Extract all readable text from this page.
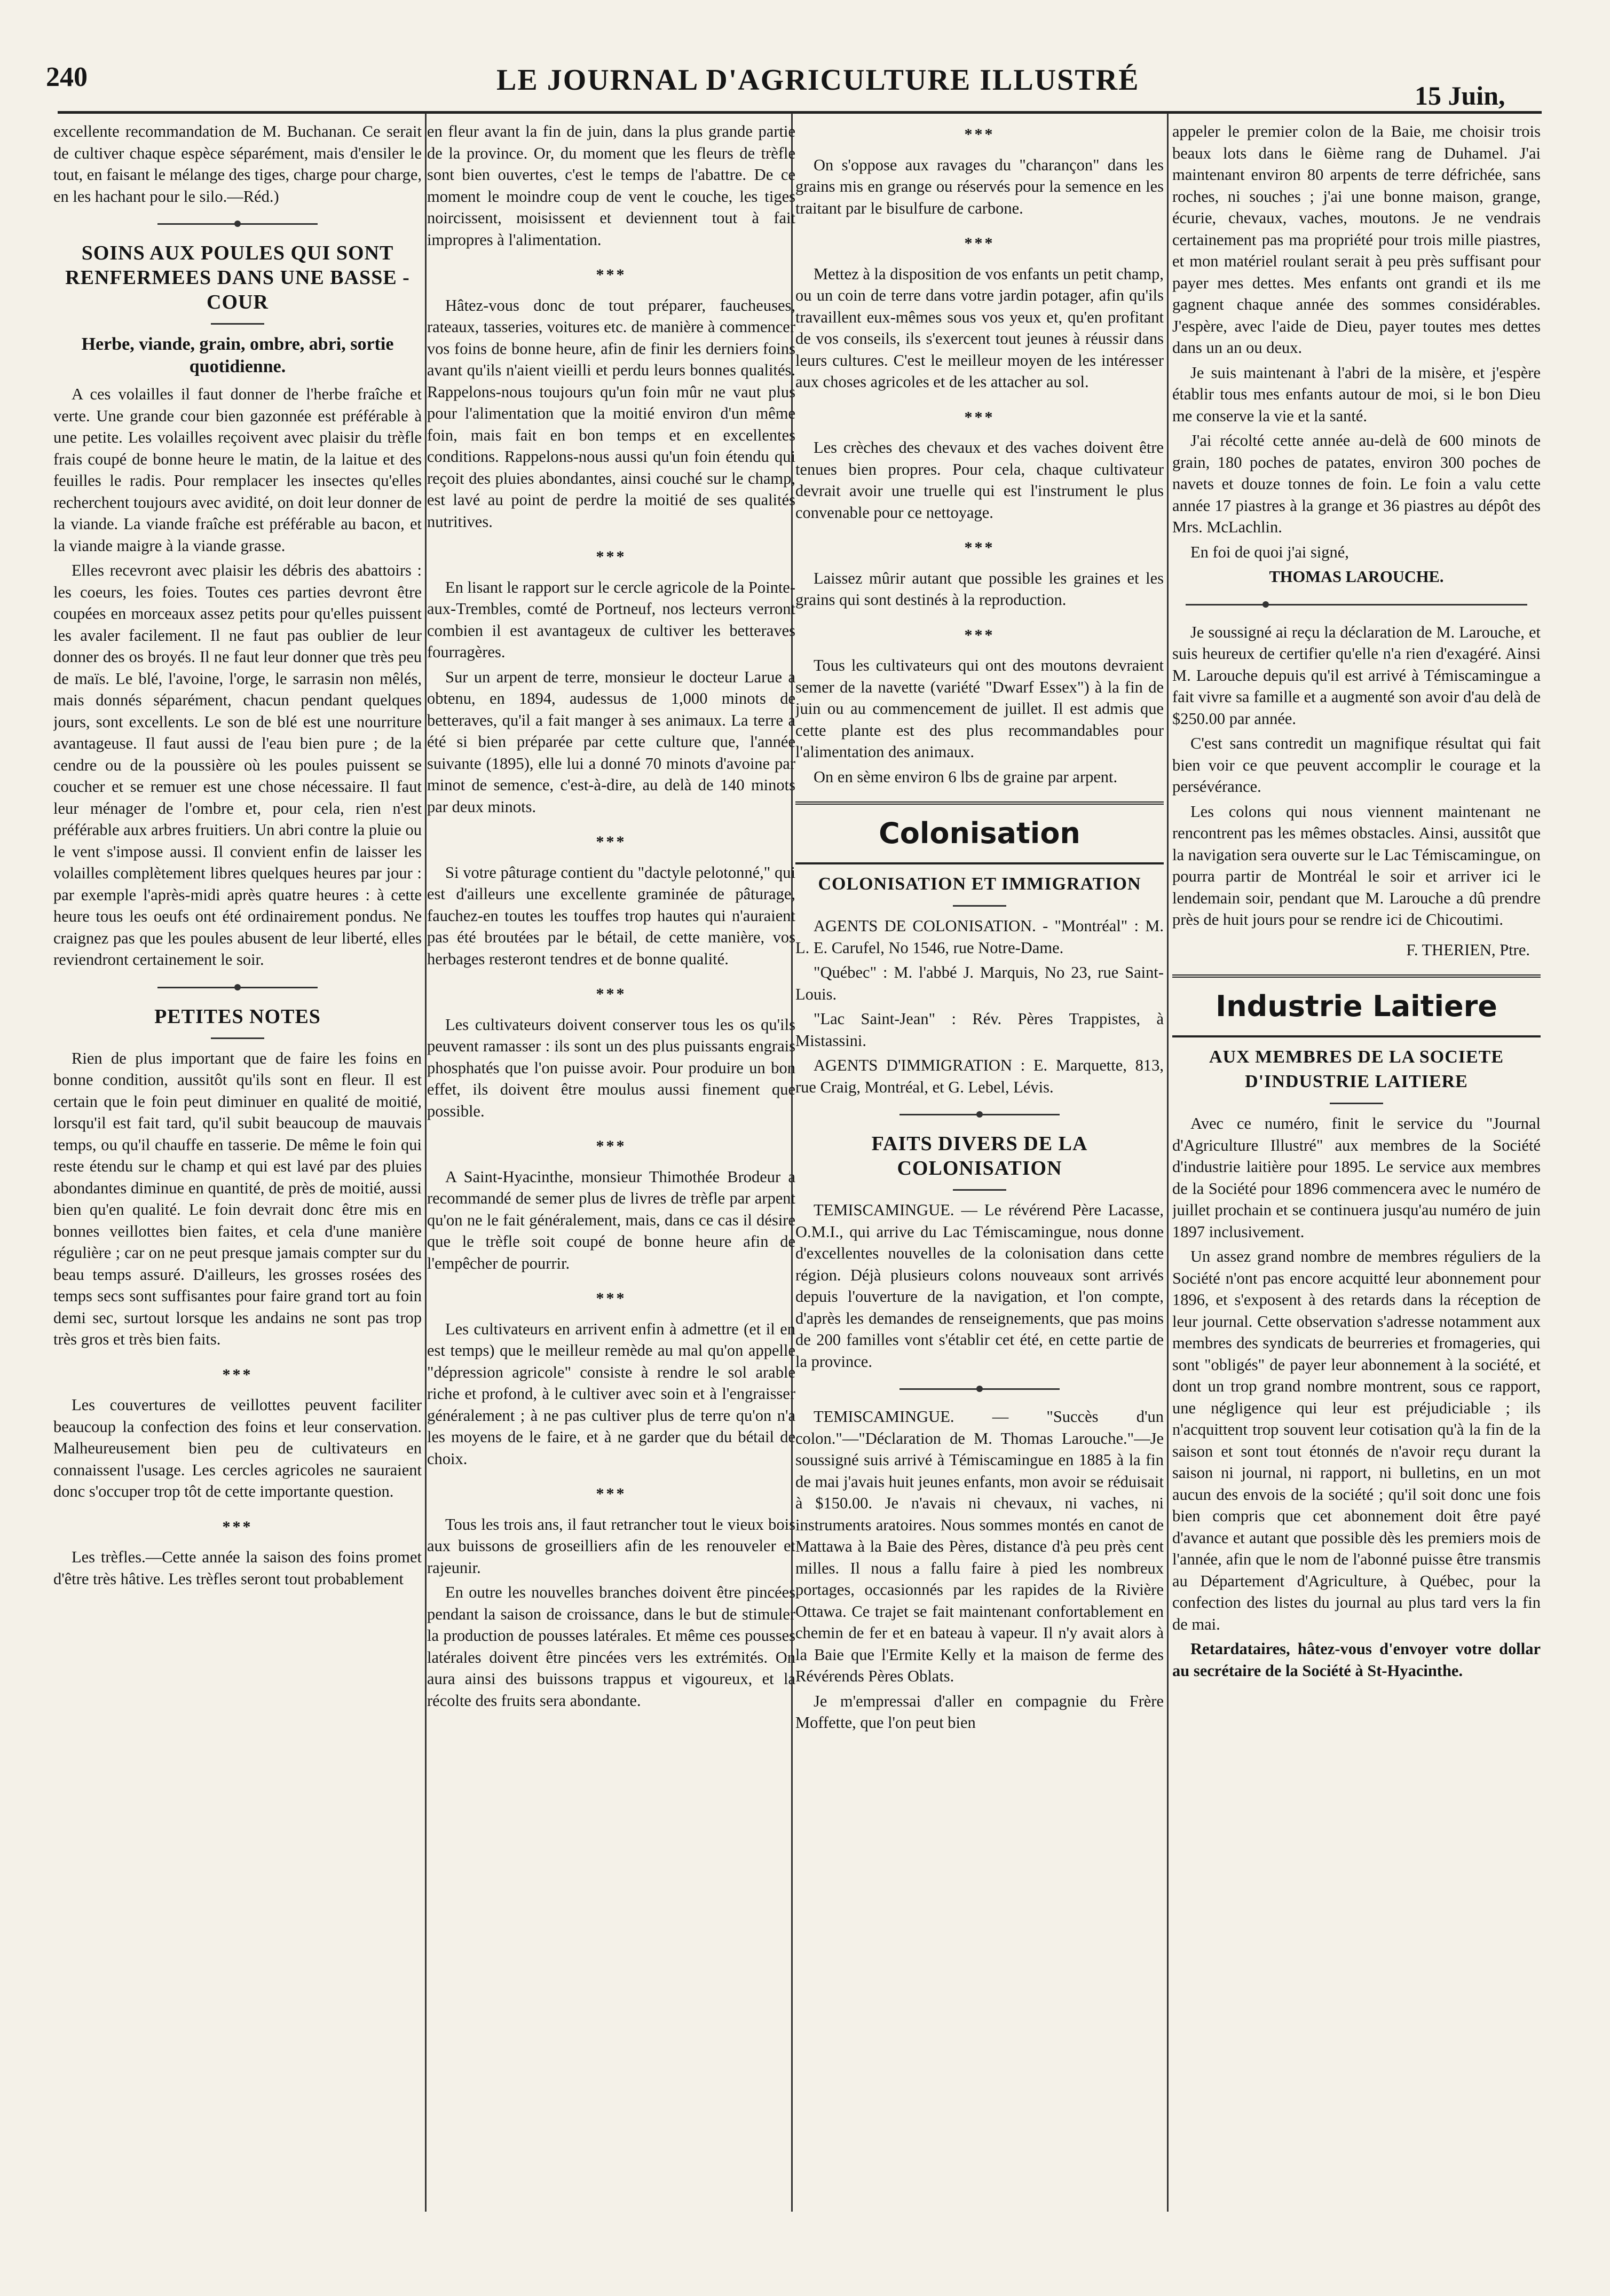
240	LE JOURNAL D'AGRICULTURE ILLUSTRÉ	15 Juin,

excellente recommandation de M. Buchanan. Ce serait de cultiver chaque espèce séparément, mais d'ensiler le tout, en faisant le mélange des tiges, charge pour charge, en les hachant pour le silo.—Réd.)

SOINS AUX POULES QUI SONT RENFERMEES DANS UNE BASSE - COUR
Herbe, viande, grain, ombre, abri, sortie quotidienne.

A ces volailles il faut donner de l'herbe fraîche et verte. Une grande cour bien gazonnée est préférable à une petite. Les volailles reçoivent avec plaisir du trèfle frais coupé de bonne heure le matin, de la laitue et des feuilles le radis. Pour remplacer les insectes qu'elles recherchent toujours avec avidité, on doit leur donner de la viande. La viande fraîche est préférable au bacon, et la viande maigre à la viande grasse.

Elles recevront avec plaisir les débris des abattoirs : les coeurs, les foies. Toutes ces parties devront être coupées en morceaux assez petits pour qu'elles puissent les avaler facilement. Il ne faut pas oublier de leur donner des os broyés. Il ne faut leur donner que très peu de maïs. Le blé, l'avoine, l'orge, le sarrasin non mêlés, mais donnés séparément, chacun pendant quelques jours, sont excellents. Le son de blé est une nourriture avantageuse. Il faut aussi de l'eau bien pure ; de la cendre ou de la poussière où les poules puissent se coucher et se remuer est une chose nécessaire. Il faut leur ménager de l'ombre et, pour cela, rien n'est préférable aux arbres fruitiers. Un abri contre la pluie ou le vent s'impose aussi. Il convient enfin de laisser les volailles complètement libres quelques heures par jour : par exemple l'après-midi après quatre heures : à cette heure tous les oeufs ont été ordinairement pondus. Ne craignez pas que les poules abusent de leur liberté, elles reviendront certainement le soir.

PETITES NOTES

Rien de plus important que de faire les foins en bonne condition, aussitôt qu'ils sont en fleur. Il est certain que le foin peut diminuer en qualité de moitié, lorsqu'il est fait tard, qu'il subit beaucoup de mauvais temps, ou qu'il chauffe en tasserie. De même le foin qui reste étendu sur le champ et qui est lavé par des pluies abondantes diminue en quantité, de près de moitié, aussi bien qu'en qualité. Le foin devrait donc être mis en bonnes veillottes bien faites, et cela d'une manière régulière ; car on ne peut presque jamais compter sur du beau temps assuré. D'ailleurs, les grosses rosées des temps secs sont suffisantes pour faire grand tort au foin demi sec, surtout lorsque les andains ne sont pas trop très gros et très bien faits.

***

Les couvertures de veillottes peuvent faciliter beaucoup la confection des foins et leur conservation. Malheureusement bien peu de cultivateurs en connaissent l'usage. Les cercles agricoles ne sauraient donc s'occuper trop tôt de cette importante question.

***

Les trèfles.—Cette année la saison des foins promet d'être très hâtive. Les trèfles seront tout probablement

en fleur avant la fin de juin, dans la plus grande partie de la province. Or, du moment que les fleurs de trèfle sont bien ouvertes, c'est le temps de l'abattre. De ce moment le moindre coup de vent le couche, les tiges noircissent, moisissent et deviennent tout à fait impropres à l'alimentation.

***

Hâtez-vous donc de tout préparer, faucheuses, rateaux, tasseries, voitures etc. de manière à commencer vos foins de bonne heure, afin de finir les derniers foins avant qu'ils n'aient vieilli et perdu leurs bonnes qualités. Rappelons-nous toujours qu'un foin mûr ne vaut plus pour l'alimentation que la moitié environ d'un même foin, mais fait en bon temps et en excellentes conditions. Rappelons-nous aussi qu'un foin étendu qui reçoit des pluies abondantes, ainsi couché sur le champ, est lavé au point de perdre la moitié de ses qualités nutritives.

***

En lisant le rapport sur le cercle agricole de la Pointe-aux-Trembles, comté de Portneuf, nos lecteurs verront combien il est avantageux de cultiver les betteraves fourragères.

Sur un arpent de terre, monsieur le docteur Larue a obtenu, en 1894, audessus de 1,000 minots de betteraves, qu'il a fait manger à ses animaux. La terre a été si bien préparée par cette culture que, l'année suivante (1895), elle lui a donné 70 minots d'avoine par minot de semence, c'est-à-dire, au delà de 140 minots par deux minots.

***

Si votre pâturage contient du "dactyle pelotonné," qui est d'ailleurs une excellente graminée de pâturage, fauchez-en toutes les touffes trop hautes qui n'auraient pas été broutées par le bétail, de cette manière, vos herbages resteront tendres et de bonne qualité.

***

Les cultivateurs doivent conserver tous les os qu'ils peuvent ramasser : ils sont un des plus puissants engrais phosphatés que l'on puisse avoir. Pour produire un bon effet, ils doivent être moulus aussi finement que possible.

***

A Saint-Hyacinthe, monsieur Thimothée Brodeur a recommandé de semer plus de livres de trèfle par arpent qu'on ne le fait généralement, mais, dans ce cas il désire que le trèfle soit coupé de bonne heure afin de l'empêcher de pourrir.

***

Les cultivateurs en arrivent enfin à admettre (et il en est temps) que le meilleur remède au mal qu'on appelle "dépression agricole" consiste à rendre le sol arable riche et profond, à le cultiver avec soin et à l'engraisser généralement ; à ne pas cultiver plus de terre qu'on n'a les moyens de le faire, et à ne garder que du bétail de choix.

***

Tous les trois ans, il faut retrancher tout le vieux bois aux buissons de groseilliers afin de les renouveler et rajeunir.

En outre les nouvelles branches doivent être pincées pendant la saison de croissance, dans le but de stimuler la production de pousses latérales. Et même ces pousses latérales doivent être pincées vers les extrémités. On aura ainsi des buissons trappus et vigoureux, et la récolte des fruits sera abondante.

***

On s'oppose aux ravages du "charançon" dans les grains mis en grange ou réservés pour la semence en les traitant par le bisulfure de carbone.

***

Mettez à la disposition de vos enfants un petit champ, ou un coin de terre dans votre jardin potager, afin qu'ils travaillent eux-mêmes sous vos yeux et, qu'en profitant de vos conseils, ils s'exercent tout jeunes à réussir dans leurs cultures. C'est le meilleur moyen de les intéresser aux choses agricoles et de les attacher au sol.

***

Les crèches des chevaux et des vaches doivent être tenues bien propres. Pour cela, chaque cultivateur devrait avoir une truelle qui est l'instrument le plus convenable pour ce nettoyage.

***

Laissez mûrir autant que possible les graines et les grains qui sont destinés à la reproduction.

***

Tous les cultivateurs qui ont des moutons devraient semer de la navette (variété "Dwarf Essex") à la fin de juin ou au commencement de juillet. Il est admis que cette plante est des plus recommandables pour l'alimentation des animaux.

On en sème environ 6 lbs de graine par arpent.

Colonisation
COLONISATION ET IMMIGRATION

AGENTS DE COLONISATION. - "Montréal" : M. L. E. Carufel, No 1546, rue Notre-Dame.

"Québec" : M. l'abbé J. Marquis, No 23, rue Saint-Louis.

"Lac Saint-Jean" : Rév. Pères Trappistes, à Mistassini.

AGENTS D'IMMIGRATION : E. Marquette, 813, rue Craig, Montréal, et G. Lebel, Lévis.

FAITS DIVERS DE LA COLONISATION

TEMISCAMINGUE. — Le révérend Père Lacasse, O.M.I., qui arrive du Lac Témiscamingue, nous donne d'excellentes nouvelles de la colonisation dans cette région. Déjà plusieurs colons nouveaux sont arrivés depuis l'ouverture de la navigation, et l'on compte, d'après les demandes de renseignements, que pas moins de 200 familles vont s'établir cet été, en cette partie de la province.

TEMISCAMINGUE. — "Succès d'un colon."—"Déclaration de M. Thomas Larouche."—Je soussigné suis arrivé à Témiscamingue en 1885 à la fin de mai j'avais huit jeunes enfants, mon avoir se réduisait à $150.00. Je n'avais ni chevaux, ni vaches, ni instruments aratoires. Nous sommes montés en canot de Mattawa à la Baie des Pères, distance d'à peu près cent milles. Il nous a fallu faire à pied les nombreux portages, occasionnés par les rapides de la Rivière Ottawa. Ce trajet se fait maintenant confortablement en chemin de fer et en bateau à vapeur. Il n'y avait alors à la Baie que l'Ermite Kelly et la maison de ferme des Révérends Pères Oblats.

Je m'empressai d'aller en compagnie du Frère Moffette, que l'on peut bien

appeler le premier colon de la Baie, me choisir trois beaux lots dans le 6ième rang de Duhamel. J'ai maintenant environ 80 arpents de terre défrichée, sans roches, ni souches ; j'ai une bonne maison, grange, écurie, chevaux, vaches, moutons. Je ne vendrais certainement pas ma propriété pour trois mille piastres, et mon matériel roulant serait à peu près suffisant pour payer mes dettes. Mes enfants ont grandi et ils me gagnent chaque année des sommes considérables. J'espère, avec l'aide de Dieu, payer toutes mes dettes dans un an ou deux.

Je suis maintenant à l'abri de la misère, et j'espère établir tous mes enfants autour de moi, si le bon Dieu me conserve la vie et la santé.

J'ai récolté cette année au-delà de 600 minots de grain, 180 poches de patates, environ 300 poches de navets et douze tonnes de foin. Le foin a valu cette année 17 piastres à la grange et 36 piastres au dépôt des Mrs. McLachlin.

En foi de quoi j'ai signé,

THOMAS LAROUCHE.

Je soussigné ai reçu la déclaration de M. Larouche, et suis heureux de certifier qu'elle n'a rien d'exagéré. Ainsi M. Larouche depuis qu'il est arrivé à Témiscamingue a fait vivre sa famille et a augmenté son avoir d'au delà de $250.00 par année.

C'est sans contredit un magnifique résultat qui fait bien voir ce que peuvent accomplir le courage et la persévérance.

Les colons qui nous viennent maintenant ne rencontrent pas les mêmes obstacles. Ainsi, aussitôt que la navigation sera ouverte sur le Lac Témiscamingue, on pourra partir de Montréal le soir et arriver ici le lendemain soir, pendant que M. Larouche a dû prendre près de huit jours pour se rendre ici de Chicoutimi.

F. THERIEN, Ptre.
Industrie Laitiere
AUX MEMBRES DE LA SOCIETE D'INDUSTRIE LAITIERE

Avec ce numéro, finit le service du "Journal d'Agriculture Illustré" aux membres de la Société d'industrie laitière pour 1895. Le service aux membres de la Société pour 1896 commencera avec le numéro de juillet prochain et se continuera jusqu'au numéro de juin 1897 inclusivement.

Un assez grand nombre de membres réguliers de la Société n'ont pas encore acquitté leur abonnement pour 1896, et s'exposent à des retards dans la réception de leur journal. Cette observation s'adresse notamment aux membres des syndicats de beurreries et fromageries, qui sont "obligés" de payer leur abonnement à la société, et dont un trop grand nombre montrent, sous ce rapport, une négligence qui leur est préjudiciable ; ils n'acquittent trop souvent leur cotisation qu'à la fin de la saison et sont tout étonnés de n'avoir reçu durant la saison ni journal, ni rapport, ni bulletins, en un mot aucun des envois de la société ; qu'il soit donc une fois bien compris que cet abonnement doit être payé d'avance et autant que possible dès les premiers mois de l'année, afin que le nom de l'abonné puisse être transmis au Département d'Agriculture, à Québec, pour la confection des listes du journal au plus tard vers la fin de mai.

Retardataires, hâtez-vous d'envoyer votre dollar au secrétaire de la Société à St-Hyacinthe.
